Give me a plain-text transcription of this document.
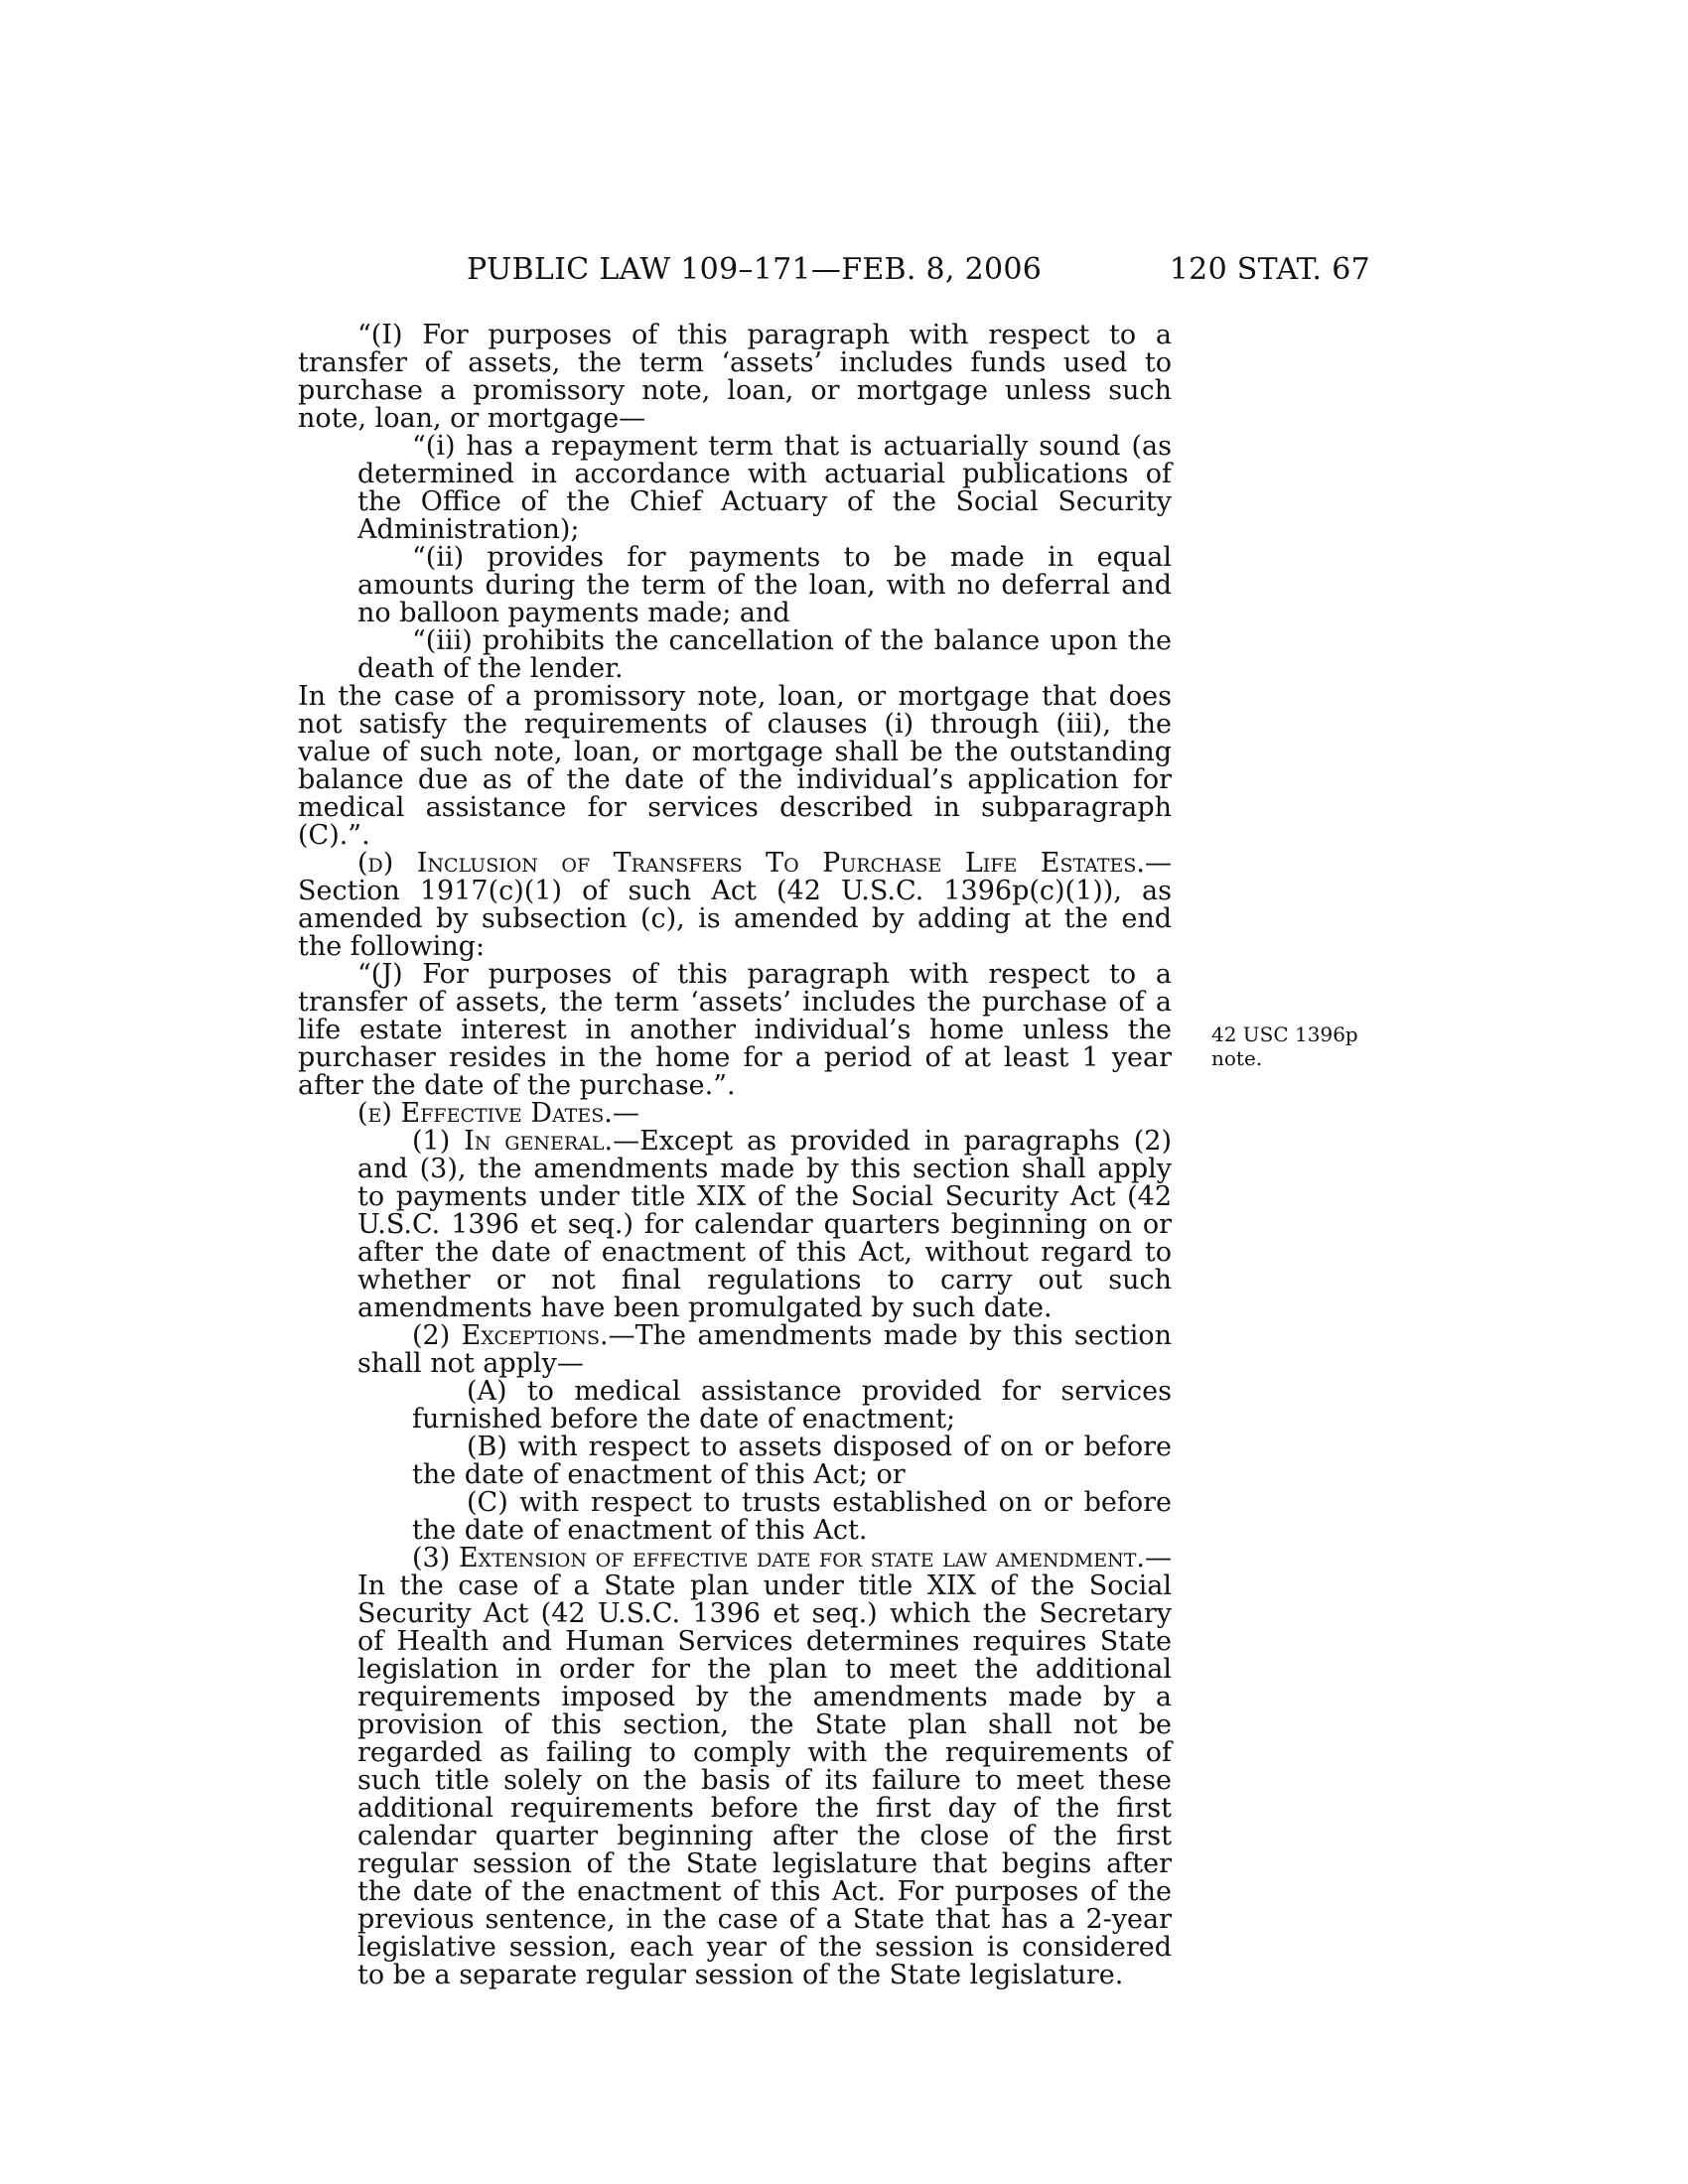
PUBLIC LAW 109–171—FEB. 8, 2006	120 STAT. 67

“(I) For purposes of this paragraph with respect to a transfer of assets, the term ‘assets’ includes funds used to purchase a promissory note, loan, or mortgage unless such note, loan, or mortgage—

“(i) has a repayment term that is actuarially sound (as determined in accordance with actuarial publications of the Office of the Chief Actuary of the Social Security Administration);

“(ii) provides for payments to be made in equal amounts during the term of the loan, with no deferral and no balloon payments made; and

“(iii) prohibits the cancellation of the balance upon the death of the lender.

In the case of a promissory note, loan, or mortgage that does not satisfy the requirements of clauses (i) through (iii), the value of such note, loan, or mortgage shall be the outstanding balance due as of the date of the individual’s application for medical assistance for services described in subparagraph (C).”.

(d) Inclusion of Transfers To Purchase Life Estates.— Section 1917(c)(1) of such Act (42 U.S.C. 1396p(c)(1)), as amended by subsection (c), is amended by adding at the end the following:

“(J) For purposes of this paragraph with respect to a transfer of assets, the term ‘assets’ includes the purchase of a life estate interest in another individual’s home unless the purchaser resides in the home for a period of at least 1 year after the date of the purchase.”.

(e) Effective Dates.—

(1) In general.—Except as provided in paragraphs (2) and (3), the amendments made by this section shall apply to payments under title XIX of the Social Security Act (42 U.S.C. 1396 et seq.) for calendar quarters beginning on or after the date of enactment of this Act, without regard to whether or not final regulations to carry out such amendments have been promulgated by such date.

(2) Exceptions.—The amendments made by this section shall not apply—

(A) to medical assistance provided for services furnished before the date of enactment;

(B) with respect to assets disposed of on or before the date of enactment of this Act; or

(C) with respect to trusts established on or before the date of enactment of this Act.

(3) Extension of effective date for state law amendment.—In the case of a State plan under title XIX of the Social Security Act (42 U.S.C. 1396 et seq.) which the Secretary of Health and Human Services determines requires State legislation in order for the plan to meet the additional requirements imposed by the amendments made by a provision of this section, the State plan shall not be regarded as failing to comply with the requirements of such title solely on the basis of its failure to meet these additional requirements before the first day of the first calendar quarter beginning after the close of the first regular session of the State legislature that begins after the date of the enactment of this Act. For purposes of the previous sentence, in the case of a State that has a 2-year legislative session, each year of the session is considered to be a separate regular session of the State legislature.

42 USC 1396p
note.
